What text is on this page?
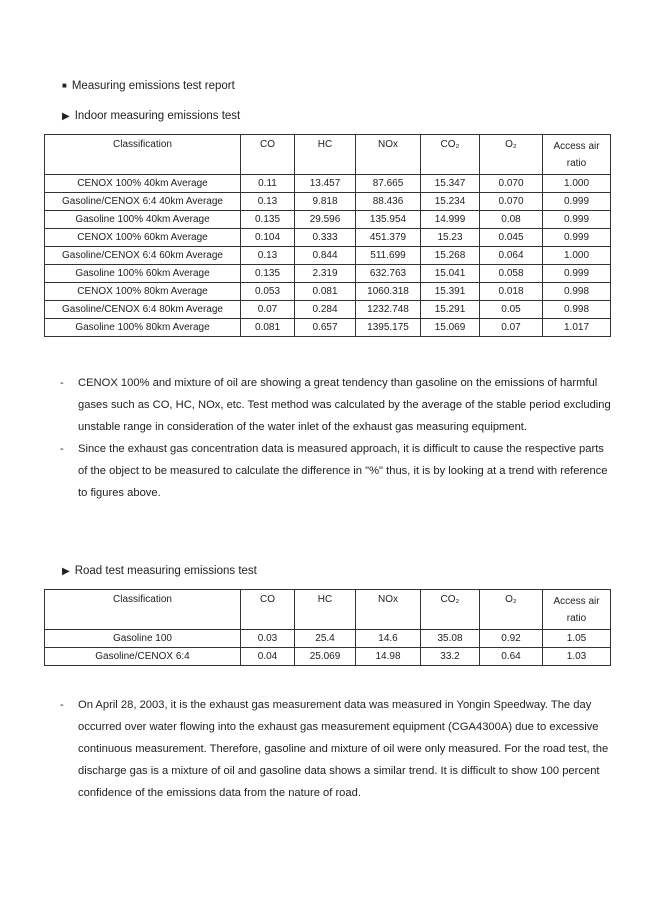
■ Measuring emissions test report
▶ Indoor measuring emissions test
Classification	CO	HC	NOx	CO₂	O₂	Access air ratio
CENOX 100% 40km Average	0.11	13.457	87.665	15.347	0.070	1.000
Gasoline/CENOX 6:4 40km Average	0.13	9.818	88.436	15.234	0.070	0.999
Gasoline 100% 40km Average	0.135	29.596	135.954	14.999	0.08	0.999
CENOX 100% 60km Average	0.104	0.333	451.379	15.23	0.045	0.999
Gasoline/CENOX 6:4 60km Average	0.13	0.844	511.699	15.268	0.064	1.000
Gasoline 100% 60km Average	0.135	2.319	632.763	15.041	0.058	0.999
CENOX 100% 80km Average	0.053	0.081	1060.318	15.391	0.018	0.998
Gasoline/CENOX 6:4 80km Average	0.07	0.284	1232.748	15.291	0.05	0.998
Gasoline 100% 80km Average	0.081	0.657	1395.175	15.069	0.07	1.017
- CENOX 100% and mixture of oil are showing a great tendency than gasoline on the emissions of harmful gases such as CO, HC, NOx, etc. Test method was calculated by the average of the stable period excluding unstable range in consideration of the water inlet of the exhaust gas measuring equipment.
- Since the exhaust gas concentration data is measured approach, it is difficult to cause the respective parts of the object to be measured to calculate the difference in "%" thus, it is by looking at a trend with reference to figures above.
▶ Road test measuring emissions test
Classification	CO	HC	NOx	CO₂	O₂	Access air ratio
Gasoline 100	0.03	25.4	14.6	35.08	0.92	1.05
Gasoline/CENOX 6:4	0.04	25.069	14.98	33.2	0.64	1.03
- On April 28, 2003, it is the exhaust gas measurement data was measured in Yongin Speedway. The day occurred over water flowing into the exhaust gas measurement equipment (CGA4300A) due to excessive continuous measurement. Therefore, gasoline and mixture of oil were only measured. For the road test, the discharge gas is a mixture of oil and gasoline data shows a similar trend. It is difficult to show 100 percent confidence of the emissions data from the nature of road.
